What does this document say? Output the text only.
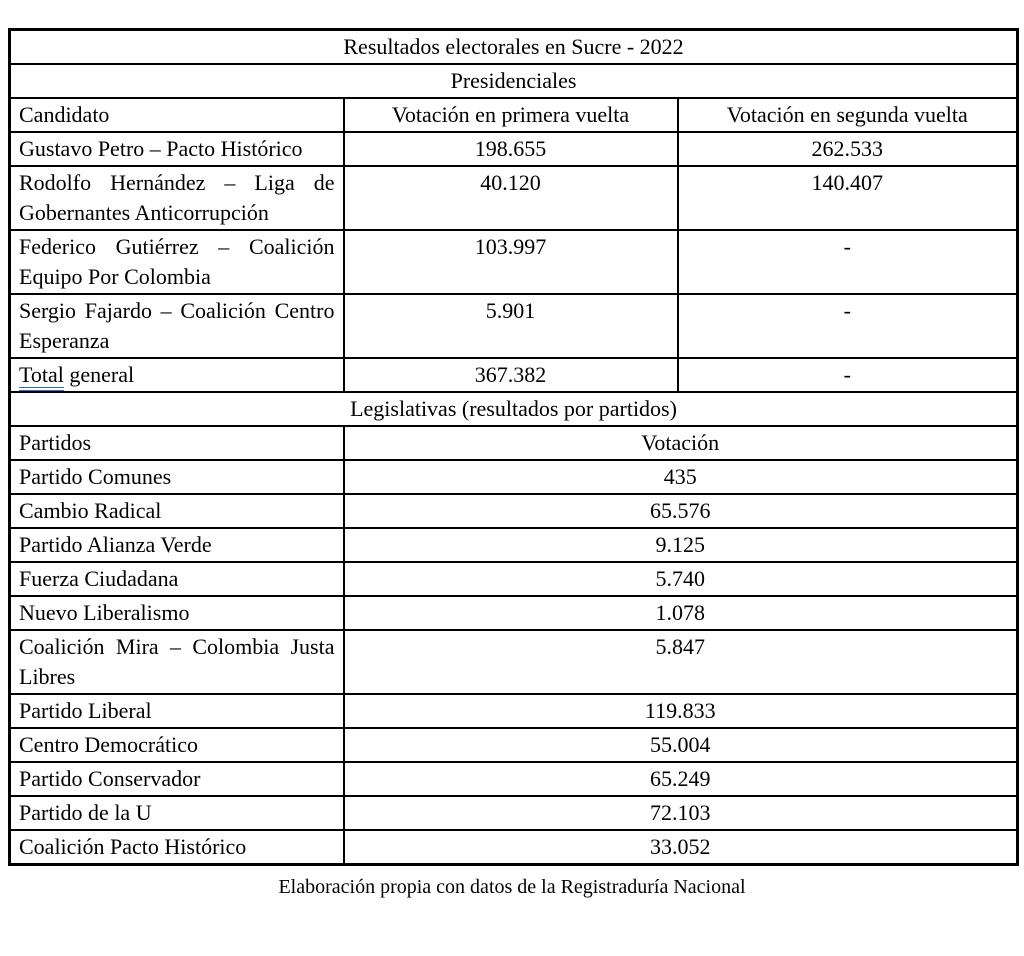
Resultados electorales en Sucre - 2022		
Presidenciales		
Candidato	Votación en primera vuelta	Votación en segunda vuelta
Gustavo Petro – Pacto Histórico	198.655	262.533
Rodolfo Hernández – Liga de Gobernantes Anticorrupción	40.120	140.407
Federico Gutiérrez – Coalición Equipo Por Colombia	103.997	-
Sergio Fajardo – Coalición Centro Esperanza	5.901	-
Total general	367.382	-
Legislativas (resultados por partidos)		
Partidos	Votación	
Partido Comunes	435	
Cambio Radical	65.576	
Partido Alianza Verde	9.125	
Fuerza Ciudadana	5.740	
Nuevo Liberalismo	1.078	
Coalición Mira – Colombia Justa Libres	5.847	
Partido Liberal	119.833	
Centro Democrático	55.004	
Partido Conservador	65.249	
Partido de la U	72.103	
Coalición Pacto Histórico	33.052	
Elaboración propia con datos de la Registraduría Nacional
